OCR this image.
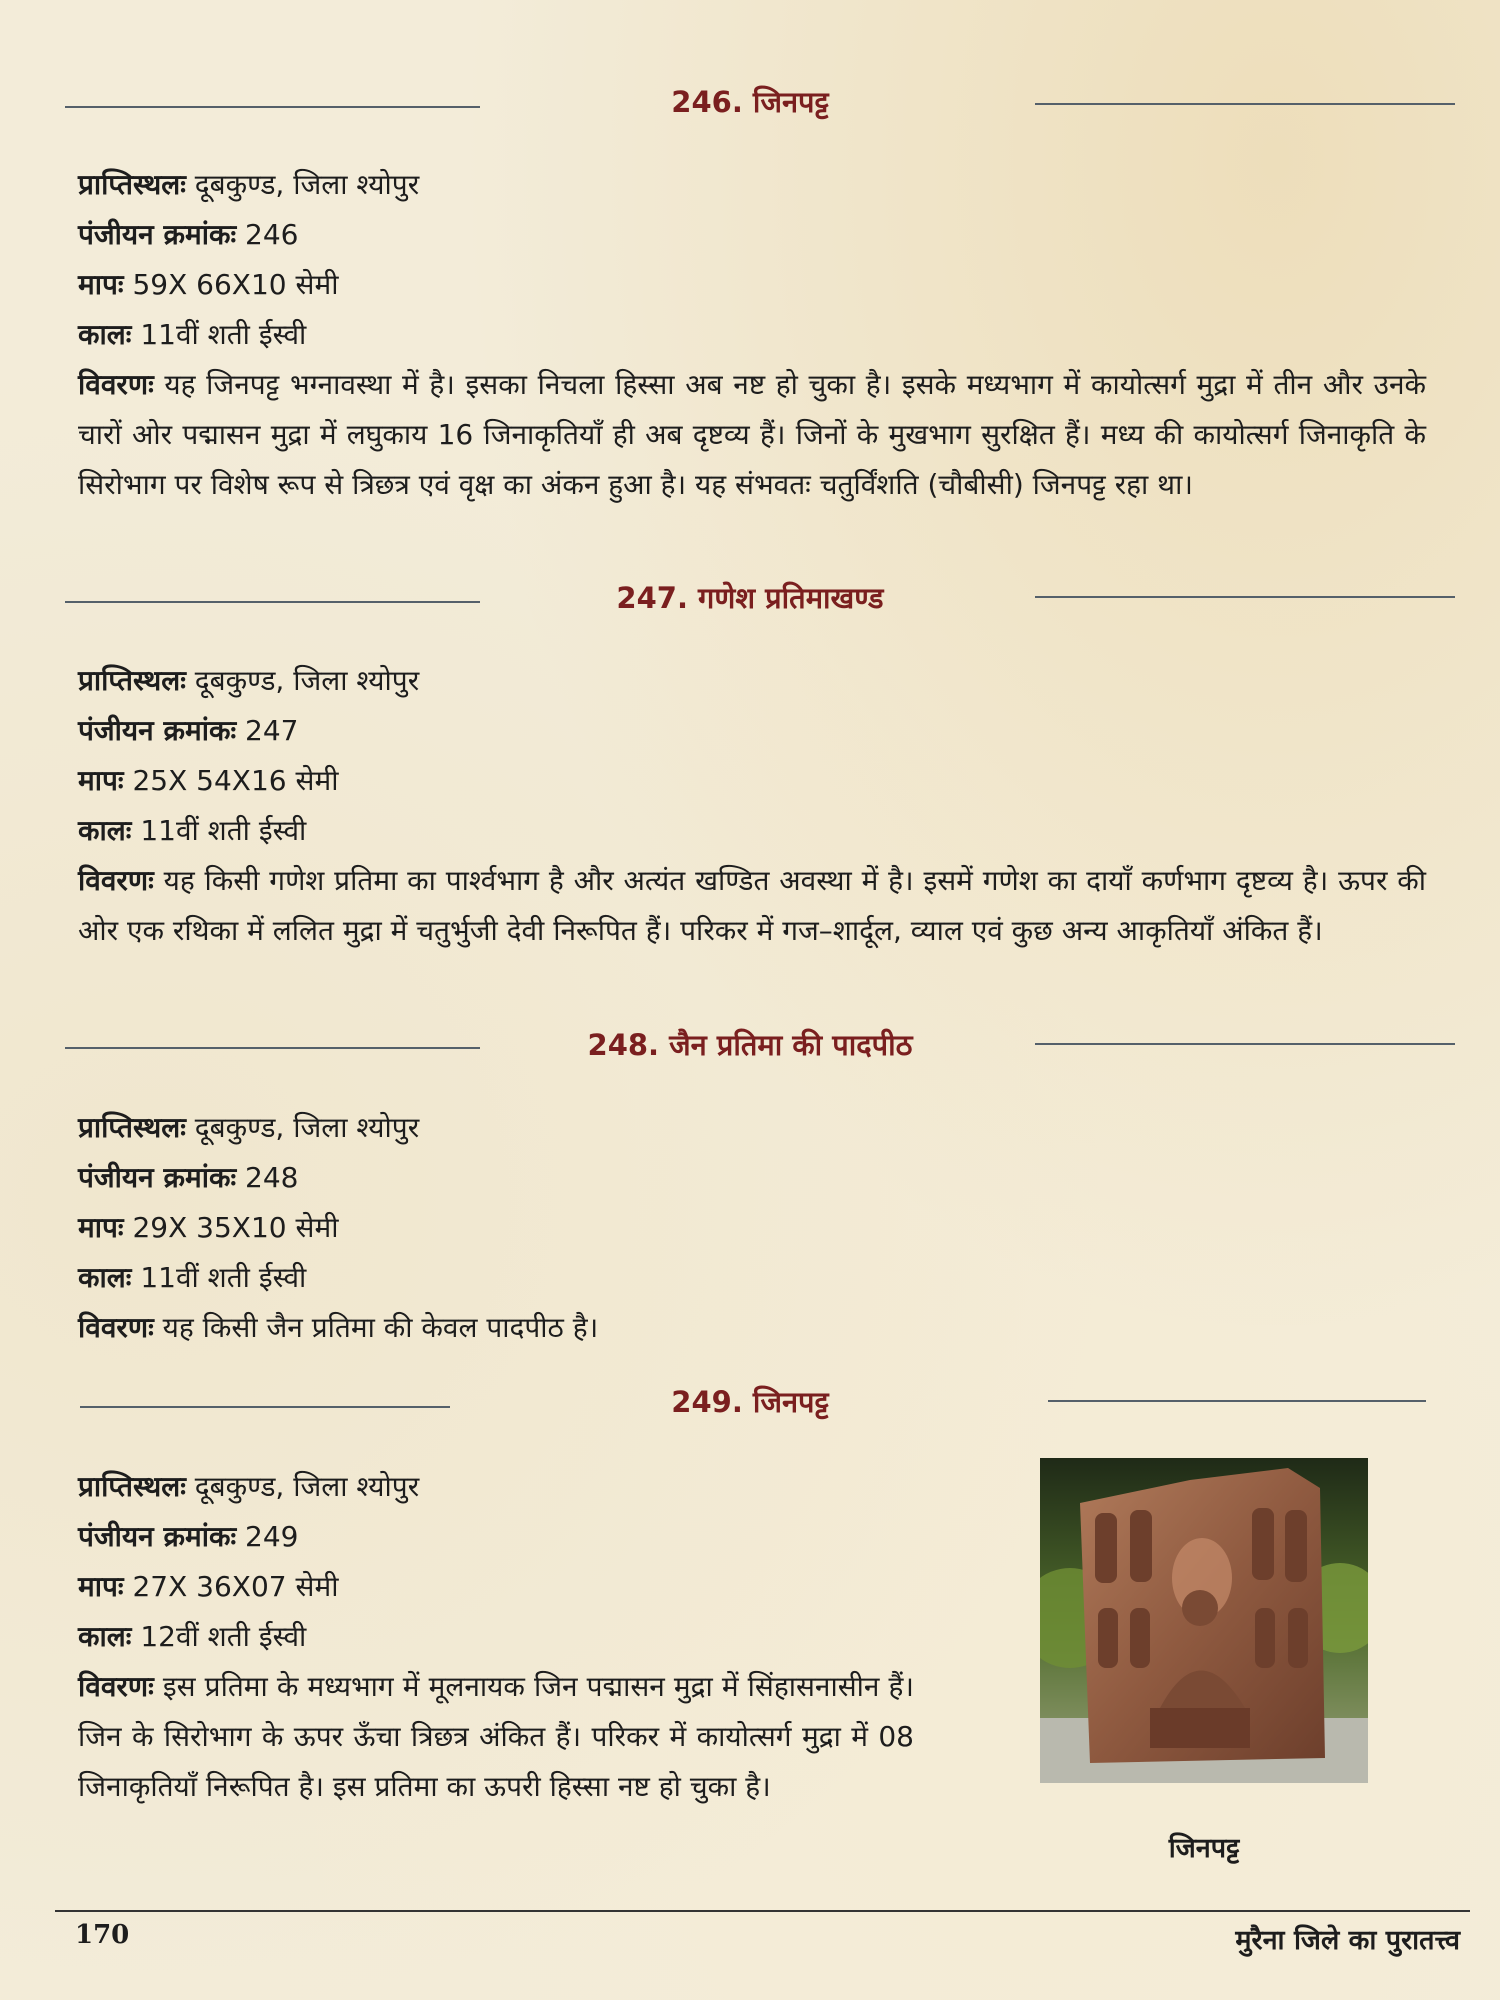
246. जिनपट्ट
प्राप्तिस्थलः दूबकुण्ड, जिला श्योपुर
पंजीयन क्रमांकः 246
मापः 59X 66X10 सेमी
कालः 11वीं शती ईस्वी
विवरणः यह जिनपट्ट भग्नावस्था में है। इसका निचला हिस्सा अब नष्ट हो चुका है। इसके मध्यभाग में कायोत्सर्ग मुद्रा में तीन और उनके चारों ओर पद्मासन मुद्रा में लघुकाय 16 जिनाकृतियाँ ही अब दृष्टव्य हैं। जिनों के मुखभाग सुरक्षित हैं। मध्य की कायोत्सर्ग जिनाकृति के सिरोभाग पर विशेष रूप से त्रिछत्र एवं वृक्ष का अंकन हुआ है। यह संभवतः चतुर्विंशति (चौबीसी) जिनपट्ट रहा था।
247. गणेश प्रतिमाखण्ड
प्राप्तिस्थलः दूबकुण्ड, जिला श्योपुर
पंजीयन क्रमांकः 247
मापः 25X 54X16 सेमी
कालः 11वीं शती ईस्वी
विवरणः यह किसी गणेश प्रतिमा का पार्श्वभाग है और अत्यंत खण्डित अवस्था में है। इसमें गणेश का दायाँ कर्णभाग दृष्टव्य है। ऊपर की ओर एक रथिका में ललित मुद्रा में चतुर्भुजी देवी निरूपित हैं। परिकर में गज–शार्दूल, व्याल एवं कुछ अन्य आकृतियाँ अंकित हैं।
248. जैन प्रतिमा की पादपीठ
प्राप्तिस्थलः दूबकुण्ड, जिला श्योपुर
पंजीयन क्रमांकः 248
मापः 29X 35X10 सेमी
कालः 11वीं शती ईस्वी
विवरणः यह किसी जैन प्रतिमा की केवल पादपीठ है।
249. जिनपट्ट
प्राप्तिस्थलः दूबकुण्ड, जिला श्योपुर
पंजीयन क्रमांकः 249
मापः 27X 36X07 सेमी
कालः 12वीं शती ईस्वी
विवरणः इस प्रतिमा के मध्यभाग में मूलनायक जिन पद्मासन मुद्रा में सिंहासनासीन हैं। जिन के सिरोभाग के ऊपर ऊँचा त्रिछत्र अंकित हैं। परिकर में कायोत्सर्ग मुद्रा में 08 जिनाकृतियाँ निरूपित है। इस प्रतिमा का ऊपरी हिस्सा नष्ट हो चुका है।
जिनपट्ट
170	मुरैना जिले का पुरातत्त्व
